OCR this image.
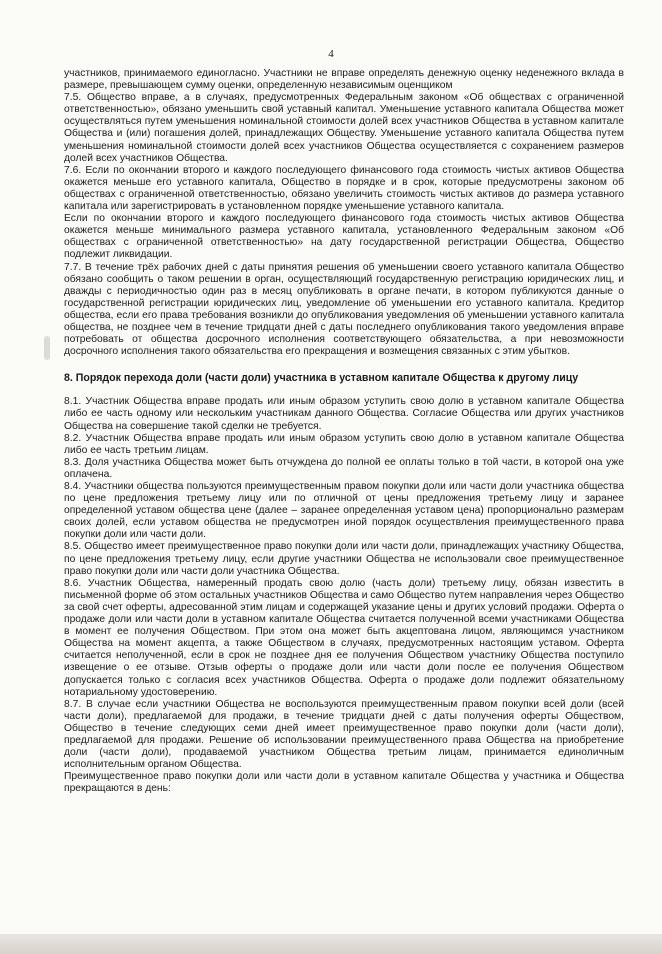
4

участников, принимаемого единогласно. Участники не вправе определять денежную оценку неденежного вклада в размере, превышающем сумму оценки, определенную независимым оценщиком

7.5. Общество вправе, а в случаях, предусмотренных Федеральным законом «Об обществах с ограниченной ответственностью», обязано уменьшить свой уставный капитал. Уменьшение уставного капитала Общества может осуществляться путем уменьшения номинальной стоимости долей всех участников Общества в уставном капитале Общества и (или) погашения долей, принадлежащих Обществу. Уменьшение уставного капитала Общества путем уменьшения номинальной стоимости долей всех участников Общества осуществляется с сохранением размеров долей всех участников Общества.

7.6. Если по окончании второго и каждого последующего финансового года стоимость чистых активов Общества окажется меньше его уставного капитала, Общество в порядке и в срок, которые предусмотрены законом об обществах с ограниченной ответственностью, обязано увеличить стоимость чистых активов до размера уставного капитала или зарегистрировать в установленном порядке уменьшение уставного капитала.

Если по окончании второго и каждого последующего финансового года стоимость чистых активов Общества окажется меньше минимального размера уставного капитала, установленного Федеральным законом «Об обществах с ограниченной ответственностью» на дату государственной регистрации Общества, Общество подлежит ликвидации.

7.7. В течение трёх рабочих дней с даты принятия решения об уменьшении своего уставного капитала Общество обязано сообщить о таком решении в орган, осуществляющий государственную регистрацию юридических лиц, и дважды с периодичностью один раз в месяц опубликовать в органе печати, в котором публикуются данные о государственной регистрации юридических лиц, уведомление об уменьшении его уставного капитала. Кредитор общества, если его права требования возникли до опубликования уведомления об уменьшении уставного капитала общества, не позднее чем в течение тридцати дней с даты последнего опубликования такого уведомления вправе потребовать от общества досрочного исполнения соответствующего обязательства, а при невозможности досрочного исполнения такого обязательства его прекращения и возмещения связанных с этим убытков.

8. Порядок перехода доли (части доли) участника в уставном капитале Общества к другому лицу

8.1. Участник Общества вправе продать или иным образом уступить свою долю в уставном капитале Общества либо ее часть одному или нескольким участникам данного Общества. Согласие Общества или других участников Общества на совершение такой сделки не требуется.

8.2. Участник Общества вправе продать или иным образом уступить свою долю в уставном капитале Общества либо ее часть третьим лицам.

8.3. Доля участника Общества может быть отчуждена до полной ее оплаты только в той части, в которой она уже оплачена.

8.4. Участники общества пользуются преимущественным правом покупки доли или части доли участника общества по цене предложения третьему лицу или по отличной от цены предложения третьему лицу и заранее определенной уставом общества цене (далее – заранее определенная уставом цена) пропорционально размерам своих долей, если уставом общества не предусмотрен иной порядок осуществления преимущественного права покупки доли или части доли.

8.5. Общество имеет преимущественное право покупки доли или части доли, принадлежащих участнику Общества, по цене предложения третьему лицу, если другие участники Общества не использовали свое преимущественное право покупки доли или части доли участника Общества.

8.6. Участник Общества, намеренный продать свою долю (часть доли) третьему лицу, обязан известить в письменной форме об этом остальных участников Общества и само Общество путем направления через Общество за свой счет оферты, адресованной этим лицам и содержащей указание цены и других условий продажи. Оферта о продаже доли или части доли в уставном капитале Общества считается полученной всеми участниками Общества в момент ее получения Обществом. При этом она может быть акцептована лицом, являющимся участником Общества на момент акцепта, а также Обществом в случаях, предусмотренных настоящим уставом. Оферта считается неполученной, если в срок не позднее дня ее получения Обществом участнику Общества поступило извещение о ее отзыве. Отзыв оферты о продаже доли или части доли после ее получения Обществом допускается только с согласия всех участников Общества. Оферта о продаже доли подлежит обязательному нотариальному удостоверению.

8.7. В случае если участники Общества не воспользуются преимущественным правом покупки всей доли (всей части доли), предлагаемой для продажи, в течение тридцати дней с даты получения оферты Обществом, Общество в течение следующих семи дней имеет преимущественное право покупки доли (части доли), предлагаемой для продажи. Решение об использовании преимущественного права Общества на приобретение доли (части доли), продаваемой участником Общества третьим лицам, принимается единоличным исполнительным органом Общества.

Преимущественное право покупки доли или части доли в уставном капитале Общества у участника и Общества прекращаются в день:
